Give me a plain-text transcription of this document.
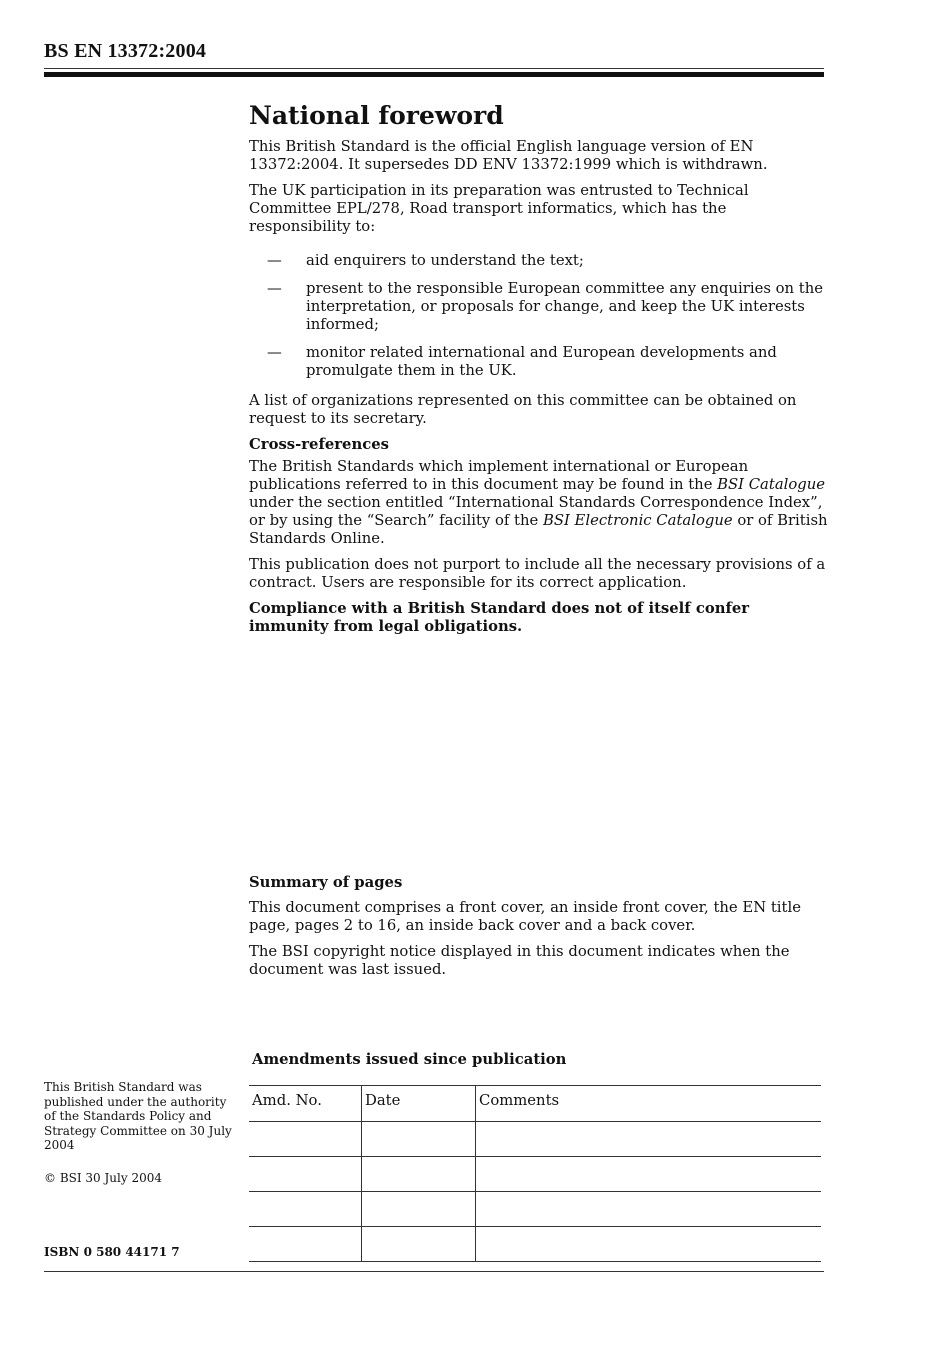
BS EN 13372:2004
National foreword

This British Standard is the official English language version of EN 13372:2004. It supersedes DD ENV 13372:1999 which is withdrawn.

The UK participation in its preparation was entrusted to Technical Committee EPL/278, Road transport informatics, which has the responsibility to:

— aid enquirers to understand the text;
— present to the responsible European committee any enquiries on the interpretation, or proposals for change, and keep the UK interests informed;
— monitor related international and European developments and promulgate them in the UK.

A list of organizations represented on this committee can be obtained on request to its secretary.

Cross-references

The British Standards which implement international or European publications referred to in this document may be found in the BSI Catalogue under the section entitled “International Standards Correspondence Index”, or by using the “Search” facility of the BSI Electronic Catalogue or of British Standards Online.

This publication does not purport to include all the necessary provisions of a contract. Users are responsible for its correct application.

Compliance with a British Standard does not of itself confer immunity from legal obligations.

Summary of pages

This document comprises a front cover, an inside front cover, the EN title page, pages 2 to 16, an inside back cover and a back cover.

The BSI copyright notice displayed in this document indicates when the document was last issued.

Amendments issued since publication
Amd. No.	Date	Comments

This British Standard was published under the authority of the Standards Policy and Strategy Committee on 30 July 2004

© BSI 30 July 2004

ISBN 0 580 44171 7
